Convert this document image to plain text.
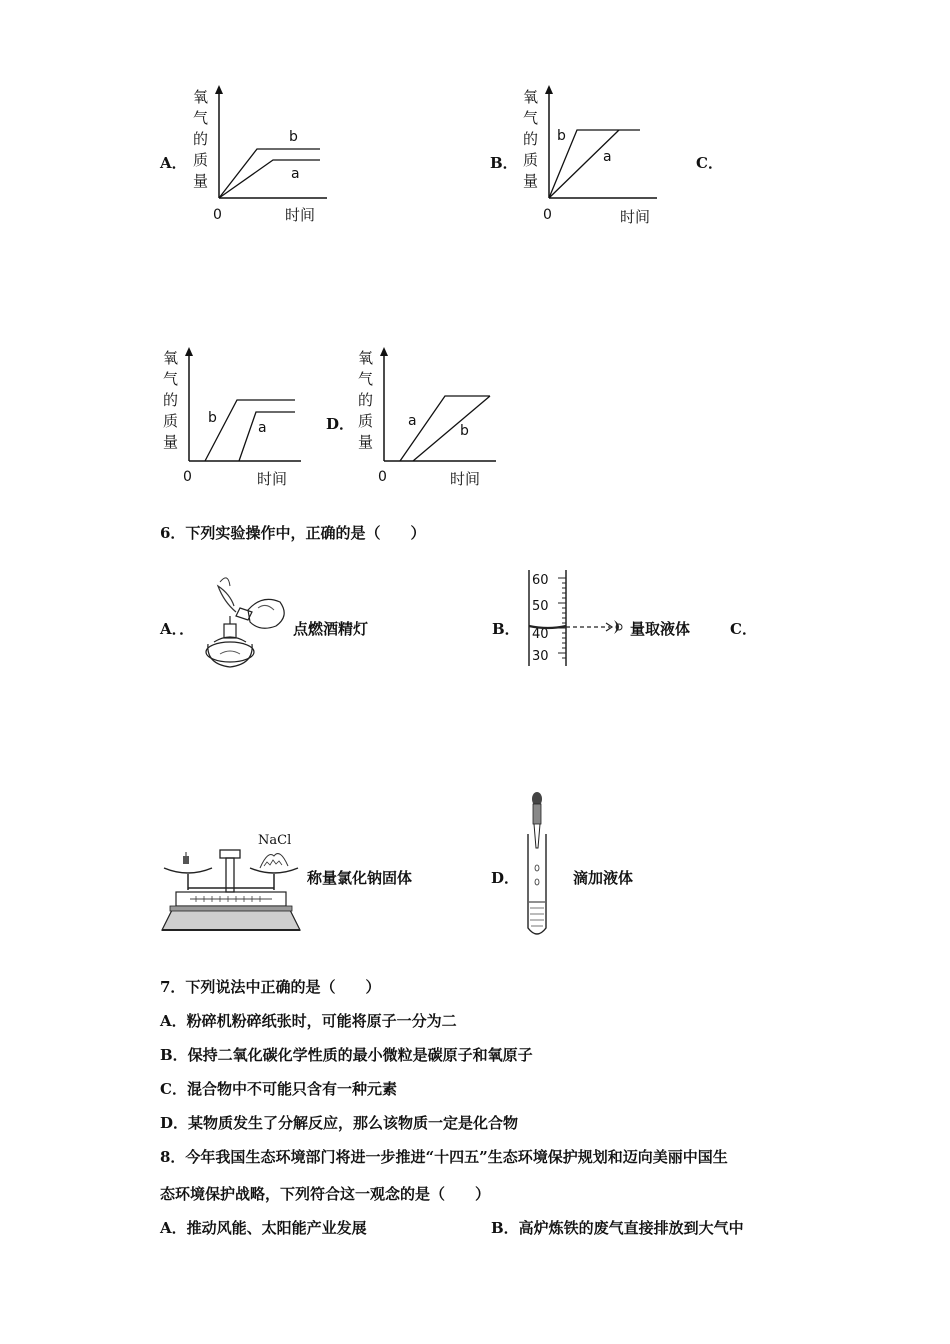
A．
氧
气
的
质
量
0	时间
b
a
B．
氧
气
的
质
量
0	时间
b
a	C．
氧
气
的
质
量
0	时间
b
a	D．
氧
气
的
质
量
0	时间
a
b
6．下列实验操作中，正确的是（　　）
A．．	点燃酒精灯	B．
60
50
40
30
量取液体	C．
NaCl
称量氯化钠固体	D．	滴加液体
7．下列说法中正确的是（　　）
A．粉碎机粉碎纸张时，可能将原子一分为二
B．保持二氧化碳化学性质的最小微粒是碳原子和氧原子
C．混合物中不可能只含有一种元素
D．某物质发生了分解反应，那么该物质一定是化合物
8．今年我国生态环境部门将进一步推进“十四五”生态环境保护规划和迈向美丽中国生
态环境保护战略，下列符合这一观念的是（　　）
A．推动风能、太阳能产业发展	B．高炉炼铁的废气直接排放到大气中
